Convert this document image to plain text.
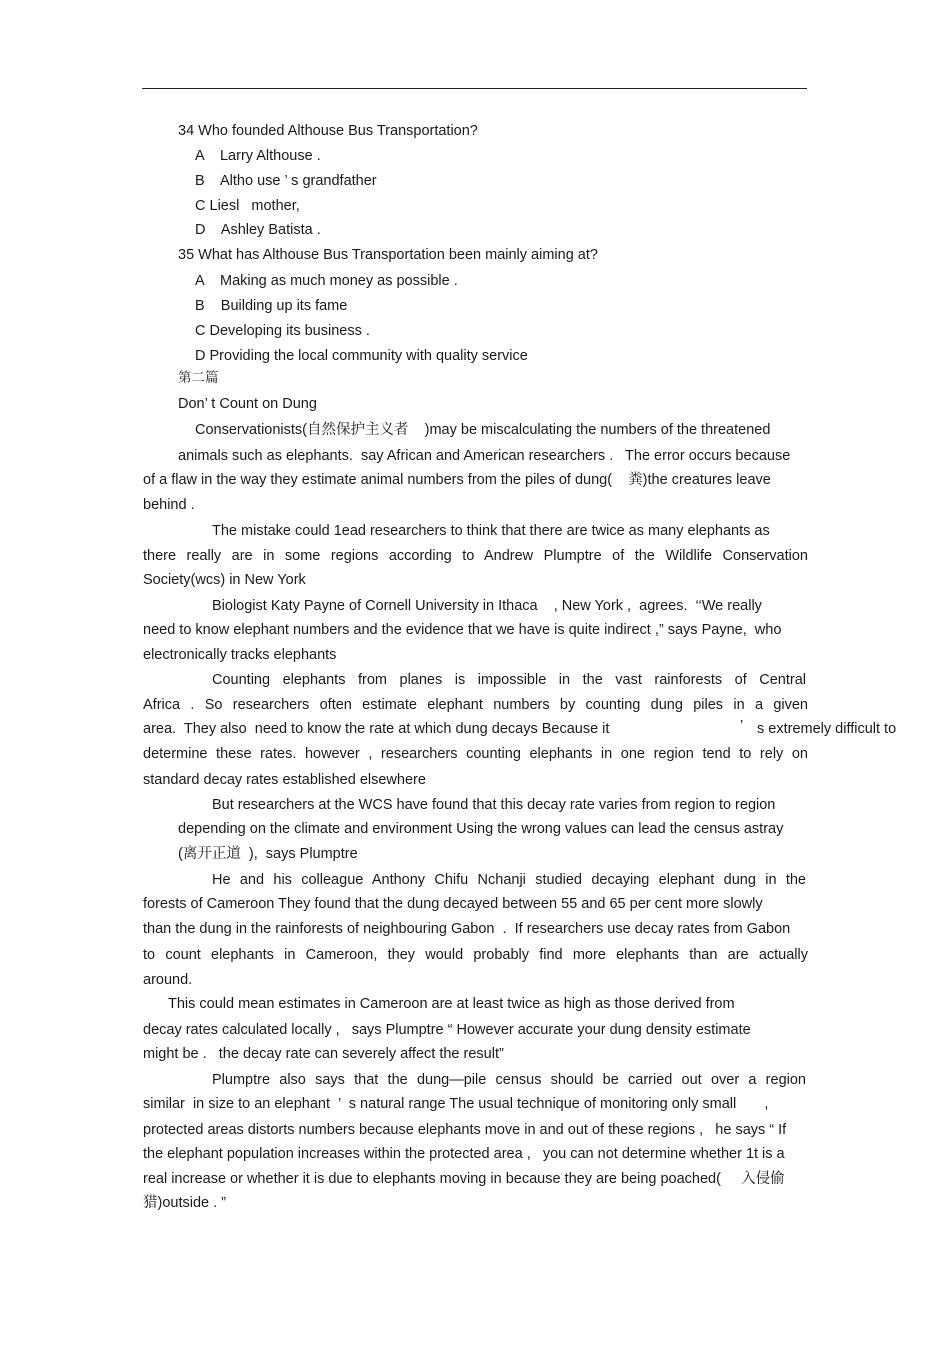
34 Who founded Althouse Bus Transportation?
A    Larry Althouse .
B    Altho use ’ s grandfather
C Liesl   mother,
D    Ashley Batista .
35 What has Althouse Bus Transportation been mainly aiming at?
A    Making as much money as possible .
B    Building up its fame
C Developing its business .
D Providing the local community with quality service
第二篇
Don’ t Count on Dung
Conservationists(自然保护主义者    )may be miscalculating the numbers of the threatened
animals such as elephants.  say African and American researchers .   The error occurs because
of a flaw in the way they estimate animal numbers from the piles of dung(    粪)the creatures leave
behind .
The mistake could 1ead researchers to think that there are twice as many elephants as
there really are in some regions according to Andrew Plumptre of the Wildlife Conservation
Society(wcs) in New York
Biologist Katy Payne of Cornell University in Ithaca    , New York ,  agrees.  ‘‘We really
need to know elephant numbers and the evidence that we have is quite indirect ,” says Payne,  who
electronically tracks elephants
Counting elephants from planes is impossible in the vast rainforests of Central
Africa . So researchers often estimate elephant numbers by counting dung piles in a given
area.  They also  need to know the rate at which dung decays Because it	’ s extremely difficult to
determine these rates. however , researchers counting elephants in one region tend to rely on
standard decay rates established elsewhere
But researchers at the WCS have found that this decay rate varies from region to region
depending on the climate and environment Using the wrong values can lead the census astray
(离开正道  ),  says Plumptre
He and his colleague Anthony Chifu Nchanji studied decaying elephant dung in the
forests of Cameroon They found that the dung decayed between 55 and 65 per cent more slowly
than the dung in the rainforests of neighbouring Gabon  .  If researchers use decay rates from Gabon
to count elephants in Cameroon, they would probably find more elephants than are actually
around.
This could mean estimates in Cameroon are at least twice as high as those derived from
decay rates calculated locally ,   says Plumptre “ However accurate your dung density estimate
might be .   the decay rate can severely affect the result”
Plumptre also says that the dung—pile census should be carried out over a region
similar  in size to an elephant  ’  s natural range The usual technique of monitoring only small       ,
protected areas distorts numbers because elephants move in and out of these regions ,   he says “ If
the elephant population increases within the protected area ,   you can not determine whether 1t is a
real increase or whether it is due to elephants moving in because they are being poached(     入侵偷
猎)outside . ”
